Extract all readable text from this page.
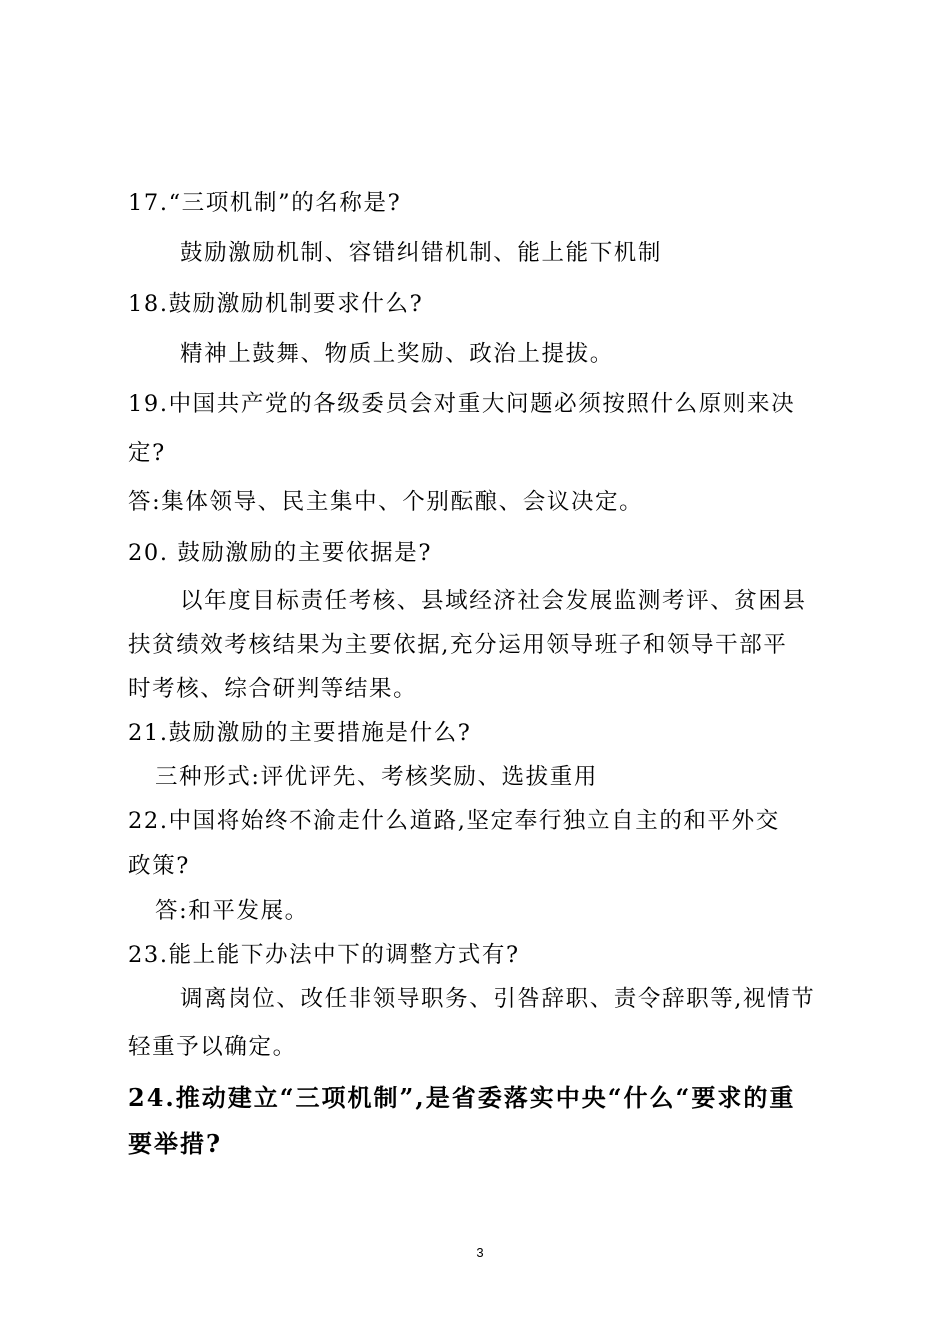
17.“三项机制”的名称是?
鼓励激励机制、容错纠错机制、能上能下机制
18.鼓励激励机制要求什么?
精神上鼓舞、物质上奖励、政治上提拔。
19.中国共产党的各级委员会对重大问题必须按照什么原则来决
定?
答:集体领导、民主集中、个别酝酿、会议决定。
20. 鼓励激励的主要依据是?
以年度目标责任考核、县域经济社会发展监测考评、贫困县
扶贫绩效考核结果为主要依据,充分运用领导班子和领导干部平
时考核、综合研判等结果。
21.鼓励激励的主要措施是什么?
三种形式:评优评先、考核奖励、选拔重用
22.中国将始终不渝走什么道路,坚定奉行独立自主的和平外交
政策?
答:和平发展。
23.能上能下办法中下的调整方式有?
调离岗位、改任非领导职务、引咎辞职、责令辞职等,视情节
轻重予以确定。
24.推动建立“三项机制”,是省委落实中央“什么“要求的重
要举措?
3
